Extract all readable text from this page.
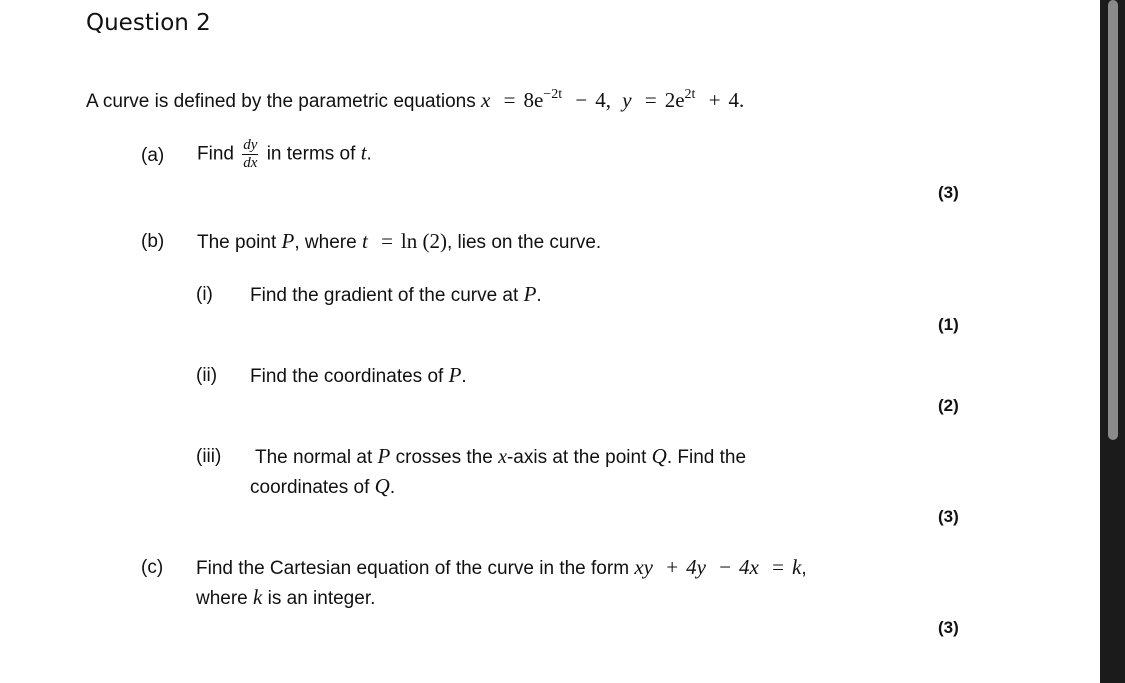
Question 2
A curve is defined by the parametric equations $x = 8e^{-2t} - 4$, $y = 2e^{2t} + 4$.
(a) Find $\frac{dy}{dx}$ in terms of t.
(3)
(b) The point P, where t = ln (2), lies on the curve.
(i) Find the gradient of the curve at P.
(1)
(ii) Find the coordinates of P.
(2)
(iii) The normal at P crosses the x-axis at the point Q. Find the
coordinates of Q.
(3)
(c) Find the Cartesian equation of the curve in the form xy + 4y − 4x = k,
where k is an integer.
(3)
